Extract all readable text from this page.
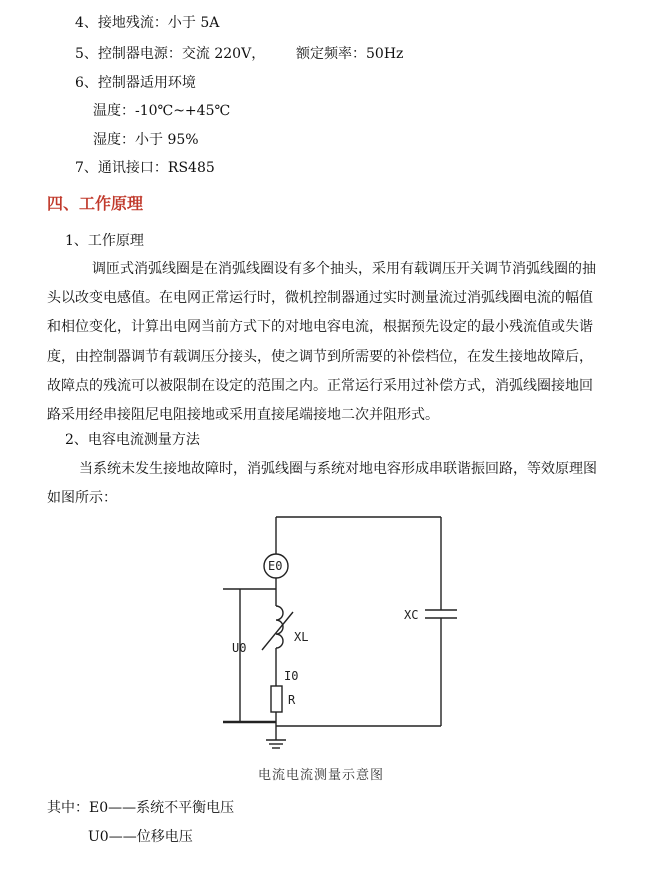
4、接地残流：小于 5A
5、控制器电源：交流 220V， 额定频率：50Hz
6、控制器适用环境
温度：-10℃~+45℃
湿度：小于 95%
7、通讯接口：RS485
四、工作原理
1、工作原理
调匝式消弧线圈是在消弧线圈设有多个抽头，采用有载调压开关调节消弧线圈的抽
头以改变电感值。在电网正常运行时，微机控制器通过实时测量流过消弧线圈电流的幅值
和相位变化，计算出电网当前方式下的对地电容电流，根据预先设定的最小残流值或失谐
度，由控制器调节有载调压分接头，使之调节到所需要的补偿档位，在发生接地故障后，
故障点的残流可以被限制在设定的范围之内。正常运行采用过补偿方式，消弧线圈接地回
路采用经串接阻尼电阻接地或采用直接尾端接地二次并阻形式。
2、电容电流测量方法
当系统未发生接地故障时，消弧线圈与系统对地电容形成串联谐振回路，等效原理图
如图所示：
E0
XL
XC
U0
I0
R
电流电流测量示意图
其中：E0——系统不平衡电压
U0——位移电压
